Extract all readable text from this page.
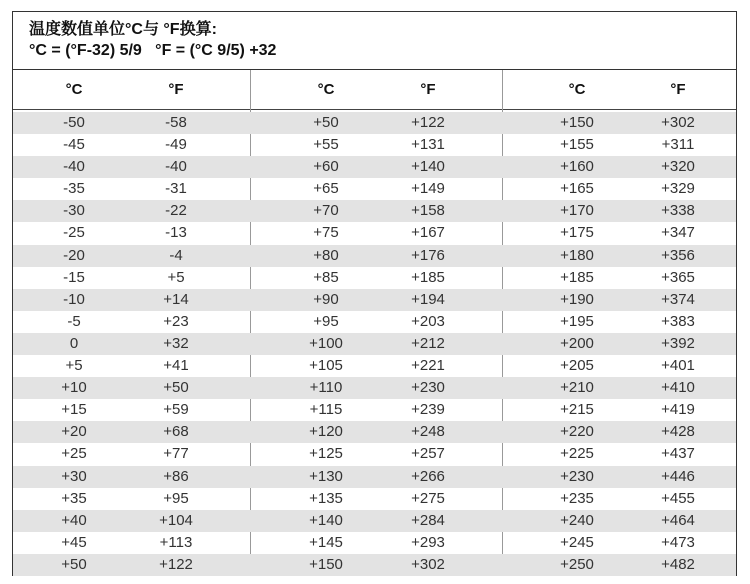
温度数值单位°C与 °F换算:
°C = (°F-32) 5/9   °F = (°C 9/5) +32
°C	°F	°C	°F	°C	°F
-50	-58	+50	+122	+150	+302
-45	-49	+55	+131	+155	+311
-40	-40	+60	+140	+160	+320
-35	-31	+65	+149	+165	+329
-30	-22	+70	+158	+170	+338
-25	-13	+75	+167	+175	+347
-20	-4	+80	+176	+180	+356
-15	+5	+85	+185	+185	+365
-10	+14	+90	+194	+190	+374
-5	+23	+95	+203	+195	+383
0	+32	+100	+212	+200	+392
+5	+41	+105	+221	+205	+401
+10	+50	+110	+230	+210	+410
+15	+59	+115	+239	+215	+419
+20	+68	+120	+248	+220	+428
+25	+77	+125	+257	+225	+437
+30	+86	+130	+266	+230	+446
+35	+95	+135	+275	+235	+455
+40	+104	+140	+284	+240	+464
+45	+113	+145	+293	+245	+473
+50	+122	+150	+302	+250	+482
